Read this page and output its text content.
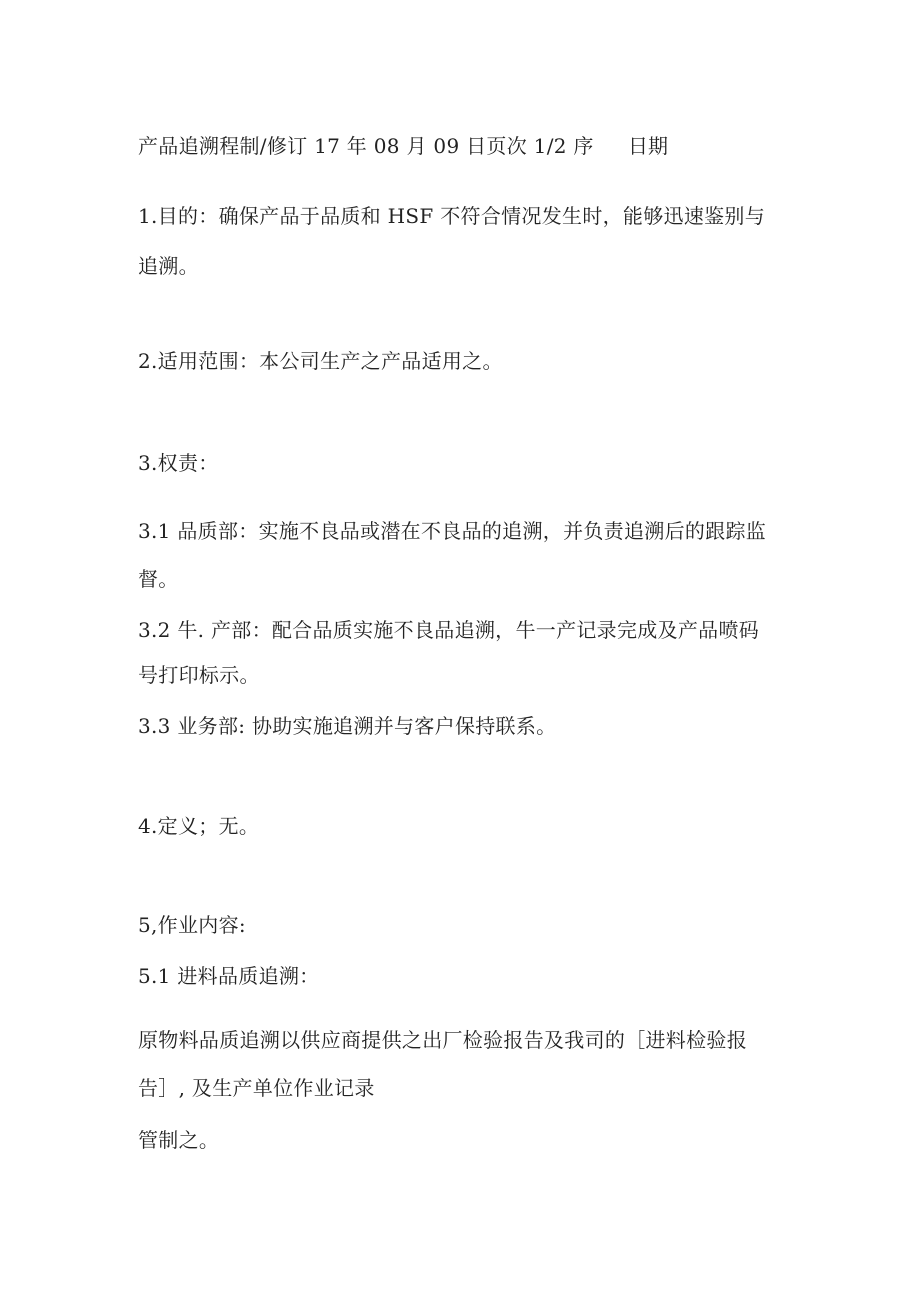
产品追溯程制/修订 17 年 08 月 09 日页次 1/2 序 日期
1.目的：确保产品于品质和 HSF 不符合情况发生时，能够迅速鉴别与
追溯。
2.适用范围：本公司生产之产品适用之。
3.权责：
3.1 品质部：实施不良品或潜在不良品的追溯，并负责追溯后的跟踪监
督。
3.2 牛. 产部：配合品质实施不良品追溯，牛一产记录完成及产品喷码
号打印标示。
3.3 业务部: 协助实施追溯并与客户保持联系。
4.定义；无。
5,作业内容:
5.1 进料品质追溯：
原物料品质追溯以供应商提供之出厂检验报告及我司的［进料检验报
告］, 及生产单位作业记录
管制之。
